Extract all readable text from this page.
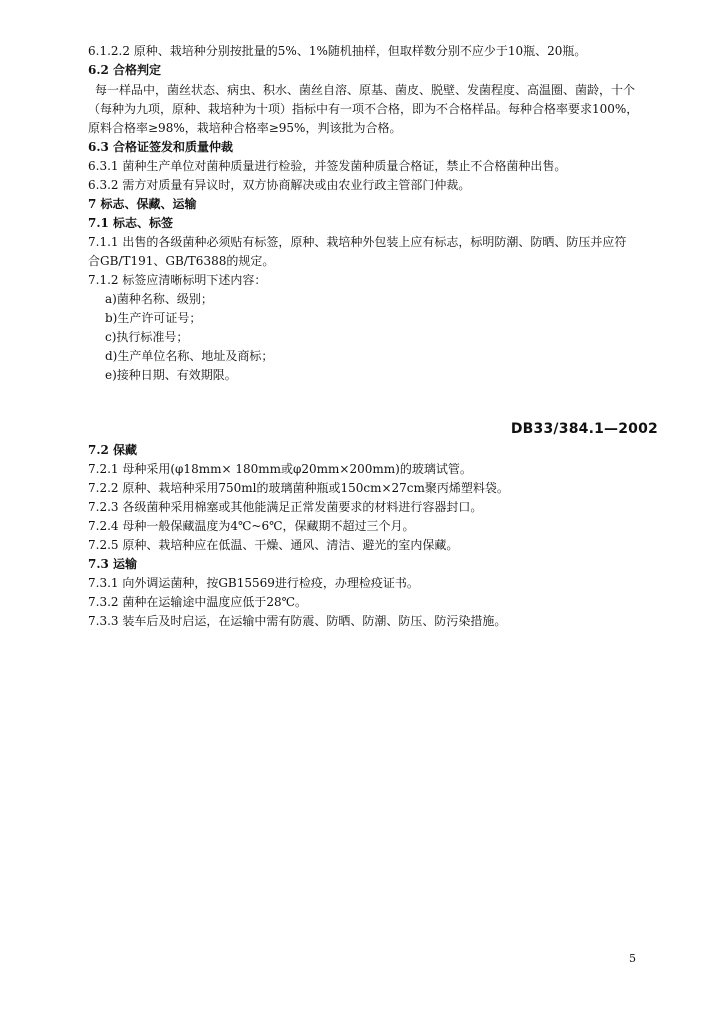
6.1.2.2 原种、栽培种分别按批量的5%、1%随机抽样，但取样数分别不应少于10瓶、20瓶。
6.2 合格判定
每一样品中，菌丝状态、病虫、积水、菌丝自溶、原基、菌皮、脱壁、发菌程度、高温圈、菌龄，十个
（每种为九项，原种、栽培种为十项）指标中有一项不合格，即为不合格样品。每种合格率要求100%，
原料合格率≥98%，栽培种合格率≥95%，判该批为合格。
6.3 合格证签发和质量仲裁
6.3.1 菌种生产单位对菌种质量进行检验，并签发菌种质量合格证，禁止不合格菌种出售。
6.3.2 需方对质量有异议时，双方协商解决或由农业行政主管部门仲裁。
7 标志、保藏、运输
7.1 标志、标签
7.1.1 出售的各级菌种必须贴有标签，原种、栽培种外包装上应有标志，标明防潮、防晒、防压并应符
合GB/T191、GB/T6388的规定。
7.1.2 标签应清晰标明下述内容：
a)菌种名称、级别；
b)生产许可证号；
c)执行标准号；
d)生产单位名称、地址及商标；
e)接种日期、有效期限。
DB33/384.1—2002
7.2 保藏
7.2.1 母种采用(φ18mm× 180mm或φ20mm×200mm)的玻璃试管。
7.2.2 原种、栽培种采用750ml的玻璃菌种瓶或150cm×27cm聚丙烯塑料袋。
7.2.3 各级菌种采用棉塞或其他能满足正常发菌要求的材料进行容器封口。
7.2.4 母种一般保藏温度为4℃~6℃，保藏期不超过三个月。
7.2.5 原种、栽培种应在低温、干燥、通风、清洁、避光的室内保藏。
7.3 运输
7.3.1 向外调运菌种，按GB15569进行检疫，办理检疫证书。
7.3.2 菌种在运输途中温度应低于28℃。
7.3.3 装车后及时启运，在运输中需有防震、防晒、防潮、防压、防污染措施。
5
